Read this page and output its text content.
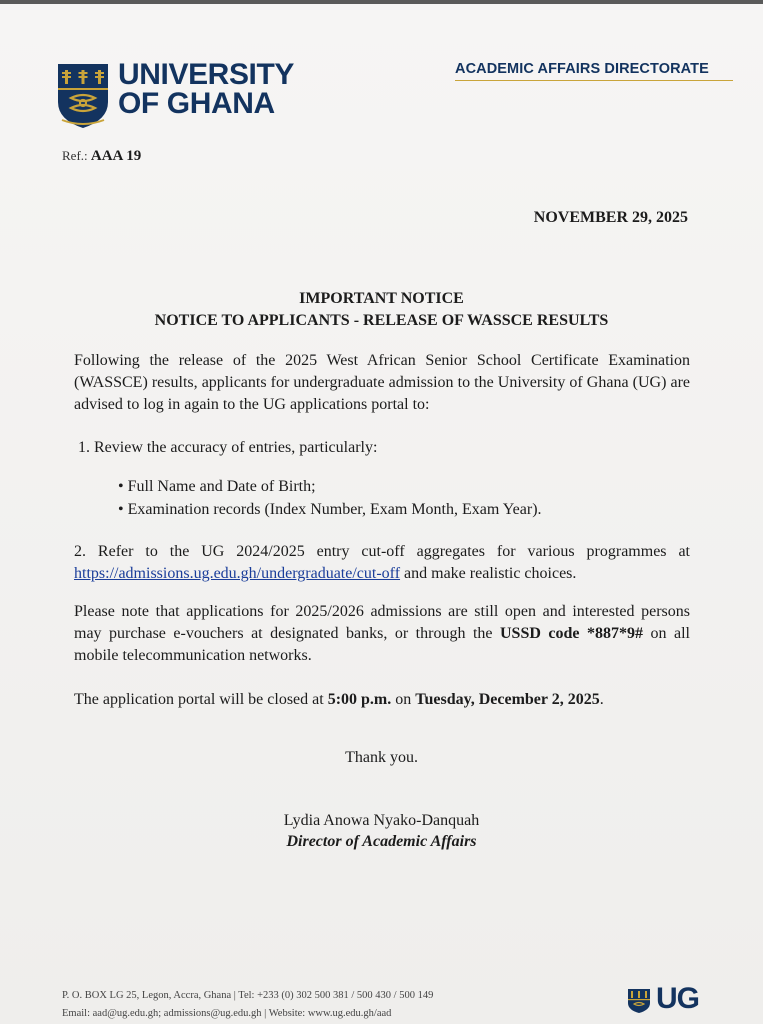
UNIVERSITY
OF GHANA
ACADEMIC AFFAIRS DIRECTORATE
Ref.: AAA 19
NOVEMBER 29, 2025
IMPORTANT NOTICE
NOTICE TO APPLICANTS - RELEASE OF WASSCE RESULTS
Following the release of the 2025 West African Senior School Certificate Examination (WASSCE) results, applicants for undergraduate admission to the University of Ghana (UG) are advised to log in again to the UG applications portal to:
1. Review the accuracy of entries, particularly:
• Full Name and Date of Birth;
• Examination records (Index Number, Exam Month, Exam Year).
2. Refer to the UG 2024/2025 entry cut-off aggregates for various programmes at https://admissions.ug.edu.gh/undergraduate/cut-off and make realistic choices.
Please note that applications for 2025/2026 admissions are still open and interested persons may purchase e-vouchers at designated banks, or through the USSD code *887*9# on all mobile telecommunication networks.
The application portal will be closed at 5:00 p.m. on Tuesday, December 2, 2025.
Thank you.
Lydia Anowa Nyako-Danquah
Director of Academic Affairs
P. O. BOX LG 25, Legon, Accra, Ghana | Tel: +233 (0) 302 500 381 / 500 430 / 500 149
Email: aad@ug.edu.gh; admissions@ug.edu.gh | Website: www.ug.edu.gh/aad	UG
